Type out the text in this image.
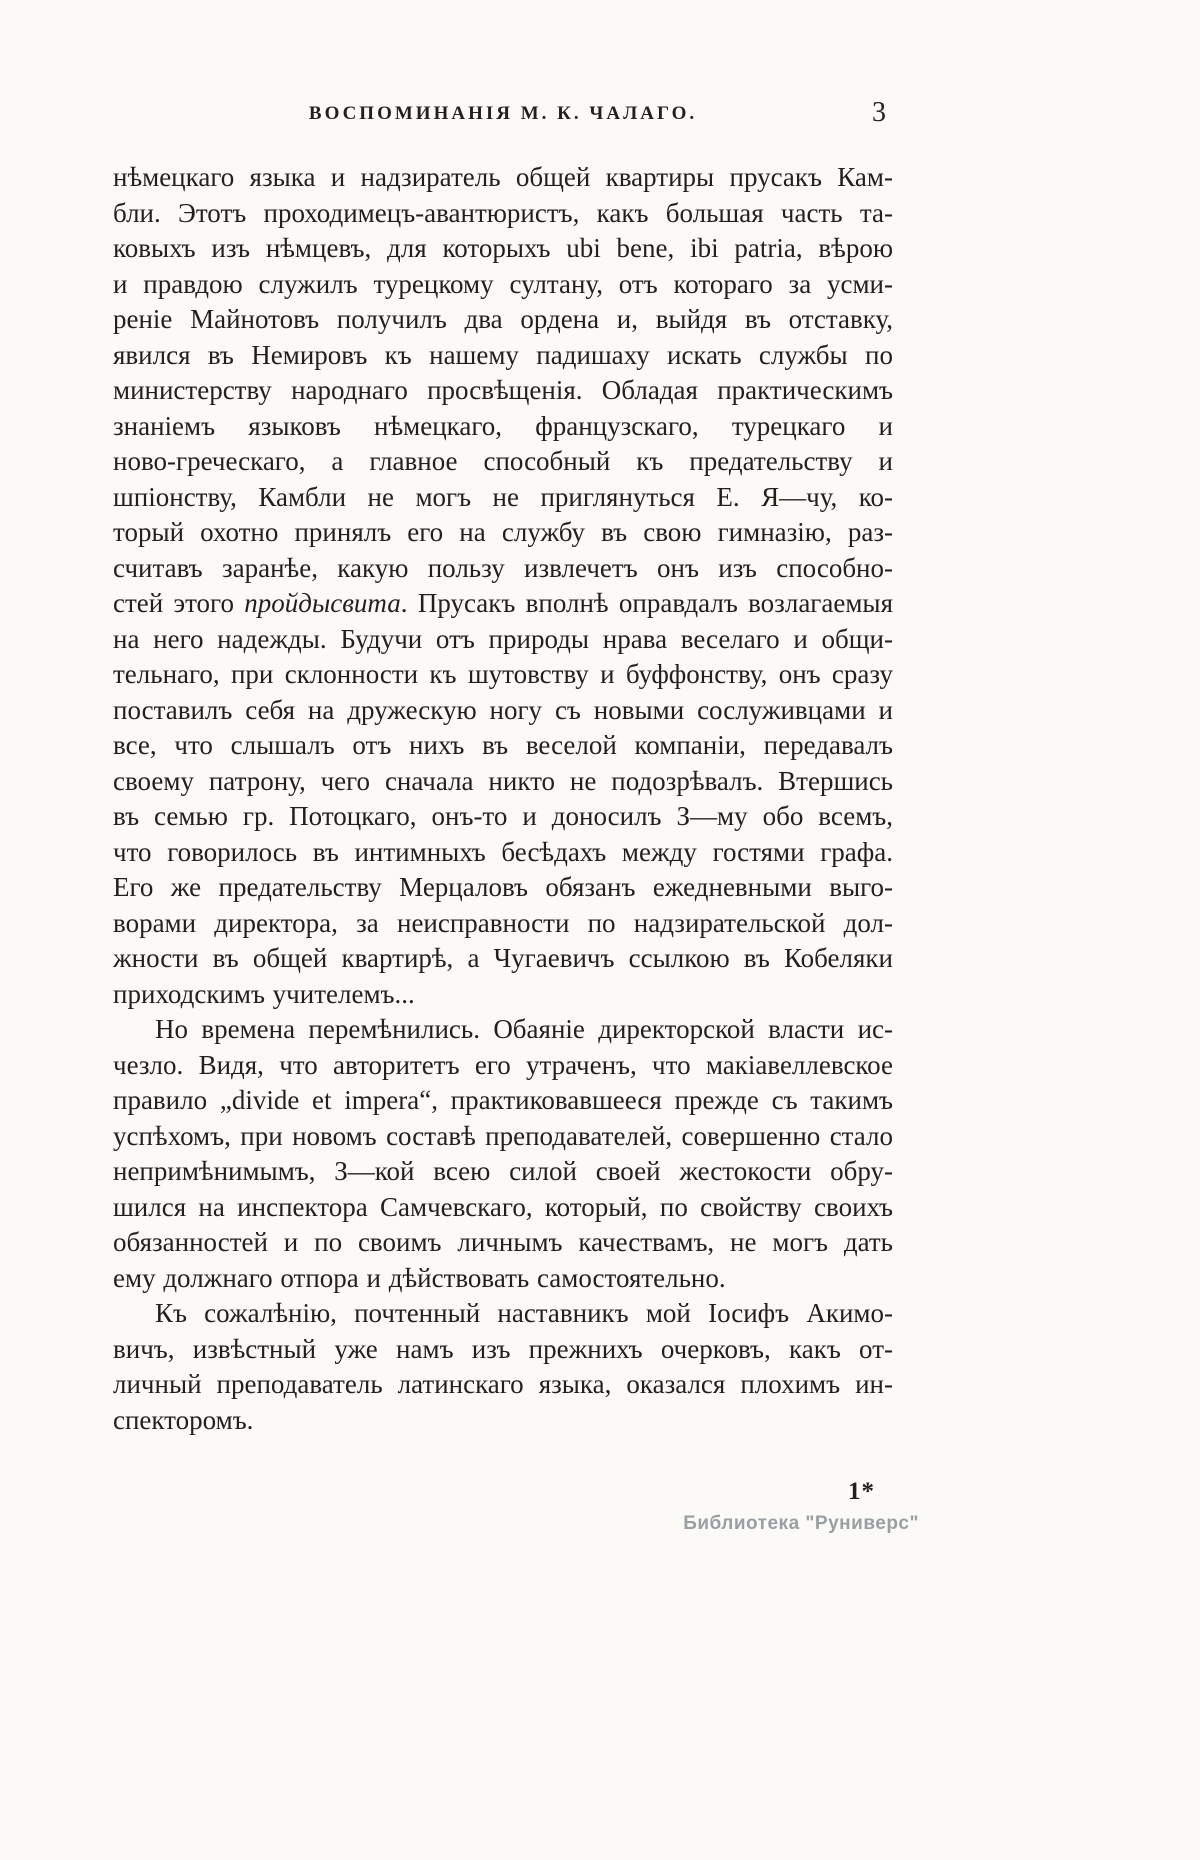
ВОСПОМИНАНІЯ М. К. ЧАЛАГО.	3
нѣмецкаго языка и надзиратель общей квартиры прусакъ Кам-
бли. Этотъ проходимецъ-авантюристъ, какъ большая часть та-
ковыхъ изъ нѣмцевъ, для которыхъ ubi bene, ibi patria, вѣрою
и правдою служилъ турецкому султану, отъ котораго за усми-
реніе Майнотовъ получилъ два ордена и, выйдя въ отставку,
явился въ Немировъ къ нашему падишаху искать службы по
министерству народнаго просвѣщенія. Обладая практическимъ
знаніемъ языковъ нѣмецкаго, французскаго, турецкаго и
ново-греческаго, а главное способный къ предательству и
шпіонству, Камбли не могъ не приглянуться Е. Я—чу, ко-
торый охотно принялъ его на службу въ свою гимназію, раз-
считавъ заранѣе, какую пользу извлечетъ онъ изъ способно-
стей этого пройдысвита. Прусакъ вполнѣ оправдалъ возлагаемыя
на него надежды. Будучи отъ природы нрава веселаго и общи-
тельнаго, при склонности къ шутовству и буффонству, онъ сразу
поставилъ себя на дружескую ногу съ новыми сослуживцами и
все, что слышалъ отъ нихъ въ веселой компаніи, передавалъ
своему патрону, чего сначала никто не подозрѣвалъ. Втершись
въ семью гр. Потоцкаго, онъ-то и доносилъ З—му обо всемъ,
что говорилось въ интимныхъ бесѣдахъ между гостями графа.
Его же предательству Мерцаловъ обязанъ ежедневными выго-
ворами директора, за неисправности по надзирательской дол-
жности въ общей квартирѣ, а Чугаевичъ ссылкою въ Кобеляки
приходскимъ учителемъ...
Но времена перемѣнились. Обаяніе директорской власти ис-
чезло. Видя, что авторитетъ его утраченъ, что макіавеллевское
правило „divide et impera“, практиковавшееся прежде съ такимъ
успѣхомъ, при новомъ составѣ преподавателей, совершенно стало
непримѣнимымъ, З—кой всею силой своей жестокости обру-
шился на инспектора Самчевскаго, который, по свойству своихъ
обязанностей и по своимъ личнымъ качествамъ, не могъ дать
ему должнаго отпора и дѣйствовать самостоятельно.
Къ сожалѣнію, почтенный наставникъ мой Іосифъ Акимо-
вичъ, извѣстный уже намъ изъ прежнихъ очерковъ, какъ от-
личный преподаватель латинскаго языка, оказался плохимъ ин-
спекторомъ.
1*
Библиотека "Руниверс"
